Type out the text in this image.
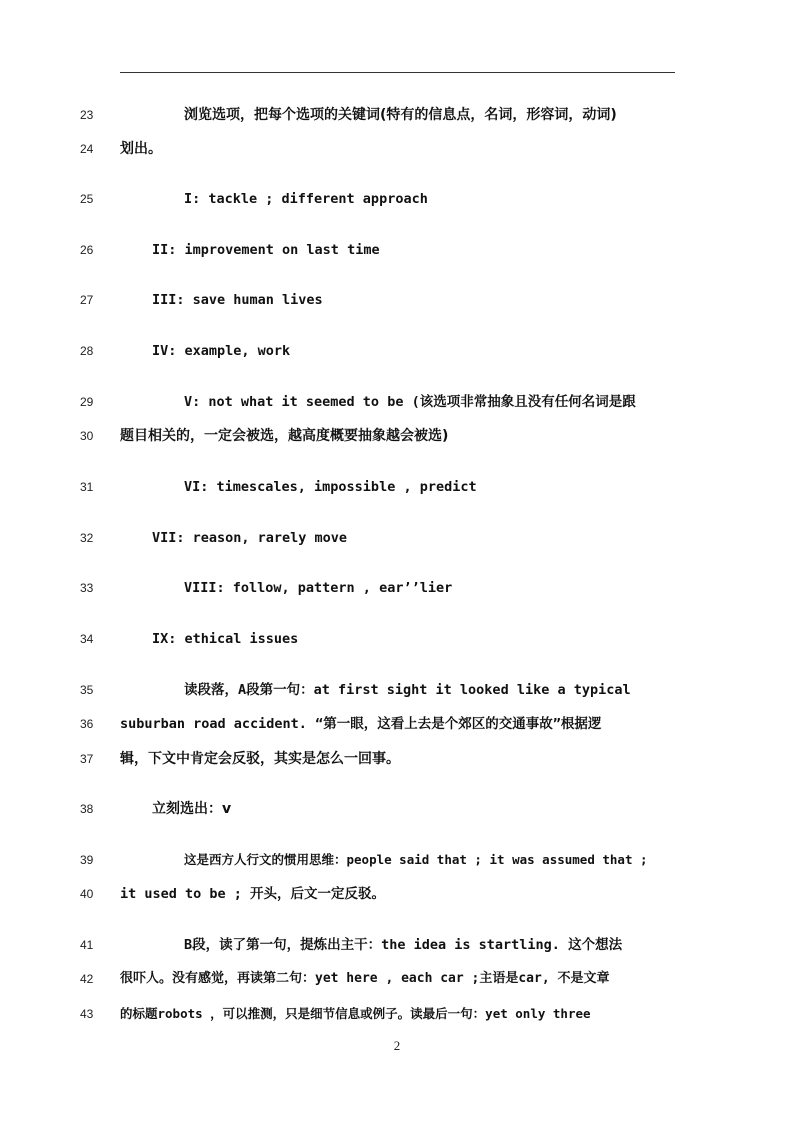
23	浏览选项，把每个选项的关键词(特有的信息点，名词，形容词，动词)
24	划出。
25	I: tackle ; different approach
26	II: improvement on last time
27	III: save human lives
28	IV: example, work
29	V: not what it seemed to be (该选项非常抽象且没有任何名词是跟
30	题目相关的，一定会被选，越高度概要抽象越会被选)
31	VI: timescales, impossible , predict
32	VII: reason, rarely move
33	VIII: follow, pattern , ear’’lier
34	IX: ethical issues
35	读段落，A段第一句：at first sight it looked like a typical
36	suburban road accident. “第一眼，这看上去是个郊区的交通事故”根据逻
37	辑，下文中肯定会反驳，其实是怎么一回事。
38	立刻选出：v
39	这是西方人行文的惯用思维：people said that ; it was assumed that ;
40	it used to be ; 开头，后文一定反驳。
41	B段，读了第一句，提炼出主干：the idea is startling. 这个想法
42	很吓人。没有感觉，再读第二句：yet here , each car ;主语是car, 不是文章
43	的标题robots ，可以推测，只是细节信息或例子。读最后一句：yet only three
2
